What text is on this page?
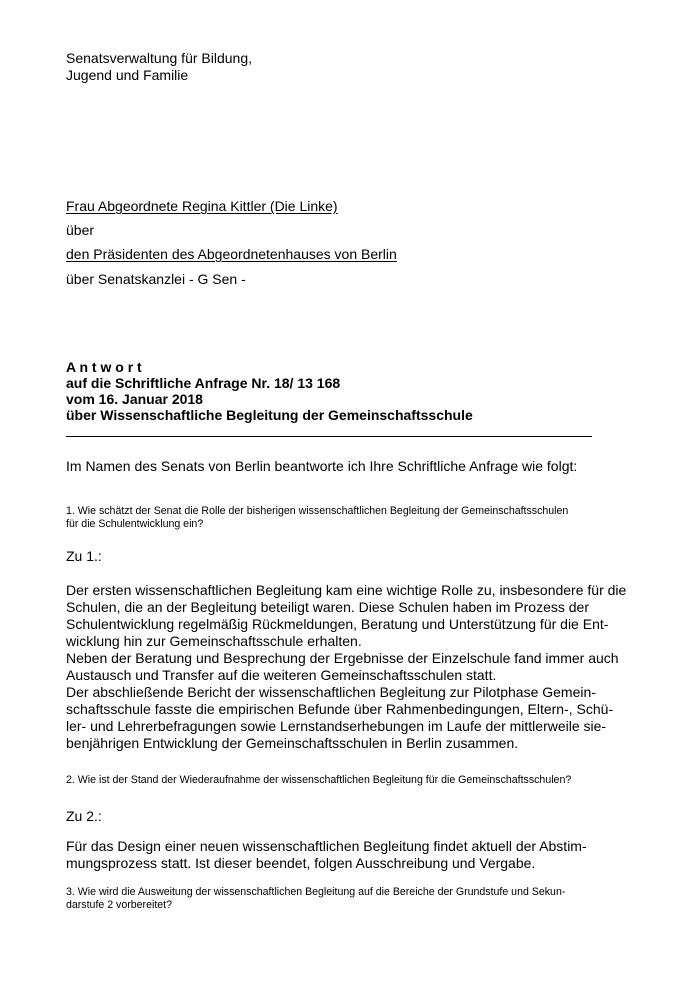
Senatsverwaltung für Bildung,
Jugend und Familie
Frau Abgeordnete Regina Kittler (Die Linke)
über
den Präsidenten des Abgeordnetenhauses von Berlin
über Senatskanzlei - G Sen -
A n t w o r t
auf die Schriftliche Anfrage Nr. 18/ 13 168
vom 16. Januar 2018
über Wissenschaftliche Begleitung der Gemeinschaftsschule
Im Namen des Senats von Berlin beantworte ich Ihre Schriftliche Anfrage wie folgt:
1. Wie schätzt der Senat die Rolle der bisherigen wissenschaftlichen Begleitung der Gemeinschaftsschulen
für die Schulentwicklung ein?
Zu 1.:
Der ersten wissenschaftlichen Begleitung kam eine wichtige Rolle zu, insbesondere für die
Schulen, die an der Begleitung beteiligt waren. Diese Schulen haben im Prozess der
Schulentwicklung regelmäßig Rückmeldungen, Beratung und Unterstützung für die Ent-
wicklung hin zur Gemeinschaftsschule erhalten.
Neben der Beratung und Besprechung der Ergebnisse der Einzelschule fand immer auch
Austausch und Transfer auf die weiteren Gemeinschaftsschulen statt.
Der abschließende Bericht der wissenschaftlichen Begleitung zur Pilotphase Gemein-
schaftsschule fasste die empirischen Befunde über Rahmenbedingungen, Eltern-, Schü-
ler- und Lehrerbefragungen sowie Lernstandserhebungen im Laufe der mittlerweile sie-
benjährigen Entwicklung der Gemeinschaftsschulen in Berlin zusammen.
2. Wie ist der Stand der Wiederaufnahme der wissenschaftlichen Begleitung für die Gemeinschaftsschulen?
Zu 2.:
Für das Design einer neuen wissenschaftlichen Begleitung findet aktuell der Abstim-
mungsprozess statt. Ist dieser beendet, folgen Ausschreibung und Vergabe.
3. Wie wird die Ausweitung der wissenschaftlichen Begleitung auf die Bereiche der Grundstufe und Sekun-
darstufe 2 vorbereitet?
